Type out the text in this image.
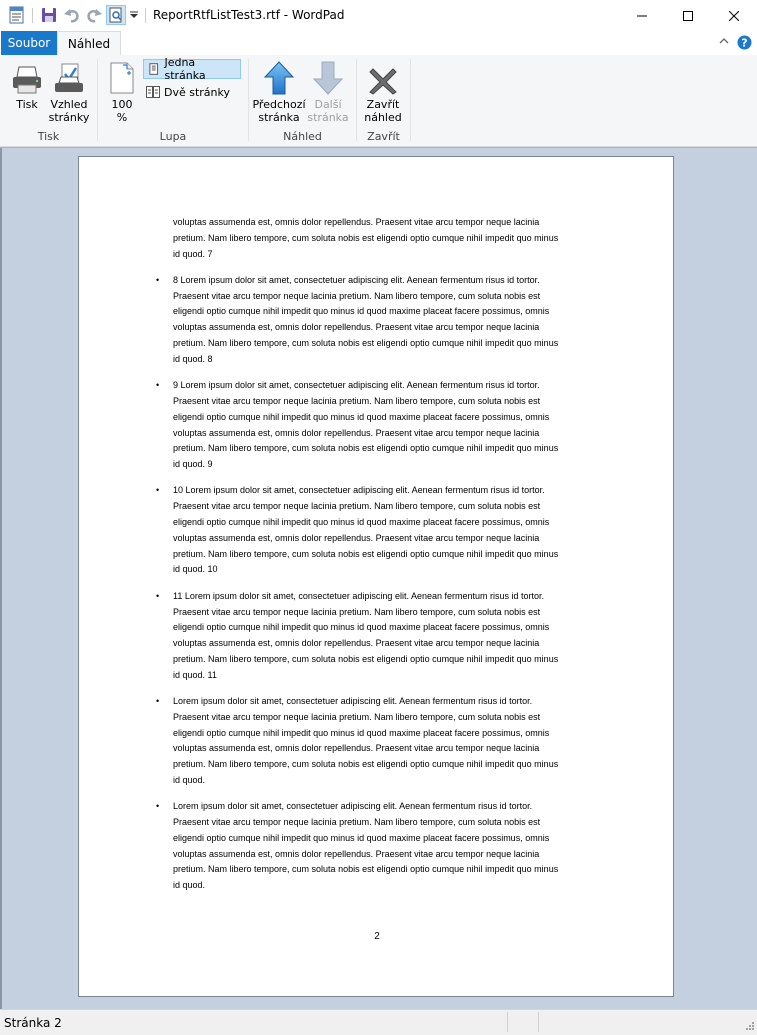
ReportRtfListTest3.rtf - WordPad
Soubor	Náhled	?
Tisk	Vzhled
stránky
Tisk
100
%
Jedna stránka
Dvě stránky
Lupa
Předchozí
stránka
Další
stránka
Náhled
Zavřít
náhled
Zavřít
voluptas assumenda est, omnis dolor repellendus. Praesent vitae arcu tempor neque lacinia
pretium. Nam libero tempore, cum soluta nobis est eligendi optio cumque nihil impedit quo minus
id quod. 7
• 8 Lorem ipsum dolor sit amet, consectetuer adipiscing elit. Aenean fermentum risus id tortor.
Praesent vitae arcu tempor neque lacinia pretium. Nam libero tempore, cum soluta nobis est
eligendi optio cumque nihil impedit quo minus id quod maxime placeat facere possimus, omnis
voluptas assumenda est, omnis dolor repellendus. Praesent vitae arcu tempor neque lacinia
pretium. Nam libero tempore, cum soluta nobis est eligendi optio cumque nihil impedit quo minus
id quod. 8
• 9 Lorem ipsum dolor sit amet, consectetuer adipiscing elit. Aenean fermentum risus id tortor.
Praesent vitae arcu tempor neque lacinia pretium. Nam libero tempore, cum soluta nobis est
eligendi optio cumque nihil impedit quo minus id quod maxime placeat facere possimus, omnis
voluptas assumenda est, omnis dolor repellendus. Praesent vitae arcu tempor neque lacinia
pretium. Nam libero tempore, cum soluta nobis est eligendi optio cumque nihil impedit quo minus
id quod. 9
• 10 Lorem ipsum dolor sit amet, consectetuer adipiscing elit. Aenean fermentum risus id tortor.
Praesent vitae arcu tempor neque lacinia pretium. Nam libero tempore, cum soluta nobis est
eligendi optio cumque nihil impedit quo minus id quod maxime placeat facere possimus, omnis
voluptas assumenda est, omnis dolor repellendus. Praesent vitae arcu tempor neque lacinia
pretium. Nam libero tempore, cum soluta nobis est eligendi optio cumque nihil impedit quo minus
id quod. 10
• 11 Lorem ipsum dolor sit amet, consectetuer adipiscing elit. Aenean fermentum risus id tortor.
Praesent vitae arcu tempor neque lacinia pretium. Nam libero tempore, cum soluta nobis est
eligendi optio cumque nihil impedit quo minus id quod maxime placeat facere possimus, omnis
voluptas assumenda est, omnis dolor repellendus. Praesent vitae arcu tempor neque lacinia
pretium. Nam libero tempore, cum soluta nobis est eligendi optio cumque nihil impedit quo minus
id quod. 11
• Lorem ipsum dolor sit amet, consectetuer adipiscing elit. Aenean fermentum risus id tortor.
Praesent vitae arcu tempor neque lacinia pretium. Nam libero tempore, cum soluta nobis est
eligendi optio cumque nihil impedit quo minus id quod maxime placeat facere possimus, omnis
voluptas assumenda est, omnis dolor repellendus. Praesent vitae arcu tempor neque lacinia
pretium. Nam libero tempore, cum soluta nobis est eligendi optio cumque nihil impedit quo minus
id quod.
• Lorem ipsum dolor sit amet, consectetuer adipiscing elit. Aenean fermentum risus id tortor.
Praesent vitae arcu tempor neque lacinia pretium. Nam libero tempore, cum soluta nobis est
eligendi optio cumque nihil impedit quo minus id quod maxime placeat facere possimus, omnis
voluptas assumenda est, omnis dolor repellendus. Praesent vitae arcu tempor neque lacinia
pretium. Nam libero tempore, cum soluta nobis est eligendi optio cumque nihil impedit quo minus
id quod.
2
Stránka 2
